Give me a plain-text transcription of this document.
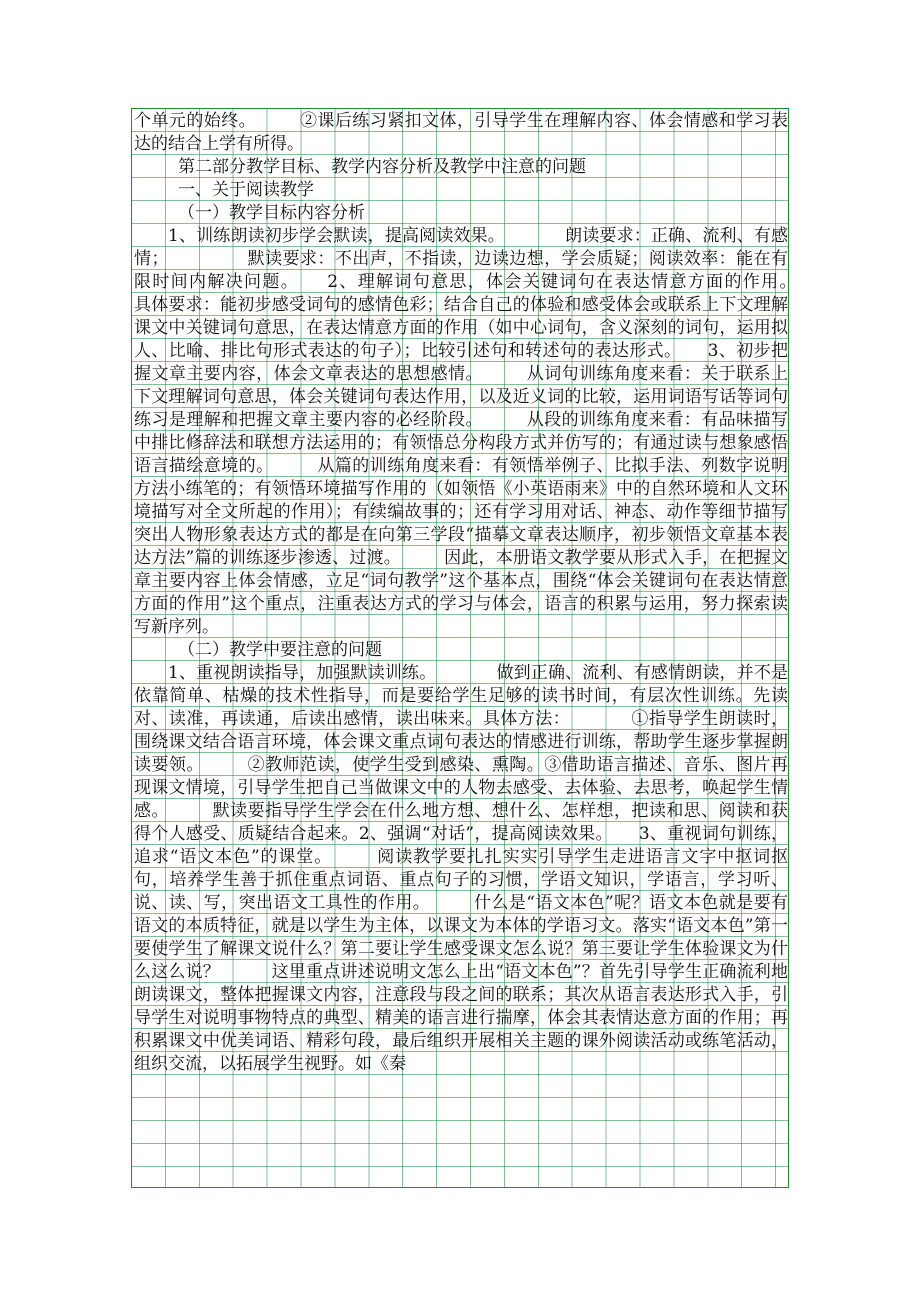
个单元的始终。　　　②课后练习紧扣文体，引导学生在理解内容、体会情感和学习表达的结合上学有所得。

第二部分教学目标、教学内容分析及教学中注意的问题

一、关于阅读教学

（一）教学目标内容分析

1、训练朗读初步学会默读，提高阅读效果。　　　　朗读要求：正确、流利、有感情；　　　　　默读要求：不出声，不指读，边读边想，学会质疑；阅读效率：能在有限时间内解决问题。　　2、理解词句意思，体会关键词句在表达情意方面的作用。　　　具体要求：能初步感受词句的感情色彩；结合自己的体验和感受体会或联系上下文理解课文中关键词句意思，在表达情意方面的作用（如中心词句，含义深刻的词句，运用拟人、比喻、排比句形式表达的句子）；比较引述句和转述句的表达形式。　　3、初步把握文章主要内容，体会文章表达的思想感情。　　　从词句训练角度来看：关于联系上下文理解词句意思，体会关键词句表达作用，以及近义词的比较，运用词语写话等词句练习是理解和把握文章主要内容的必经阶段。　　　从段的训练角度来看：有品味描写中排比修辞法和联想方法运用的；有领悟总分构段方式并仿写的；有通过读与想象感悟语言描绘意境的。　　　从篇的训练角度来看：有领悟举例子、比拟手法、列数字说明方法小练笔的；有领悟环境描写作用的（如领悟《小英语雨来》中的自然环境和人文环境描写对全文所起的作用）；有续编故事的；还有学习用对话、神态、动作等细节描写突出人物形象表达方式的都是在向第三学段“描摹文章表达顺序，初步领悟文章基本表达方法”篇的训练逐步渗透、过渡。　　　因此，本册语文教学要从形式入手，在把握文章主要内容上体会情感，立足“词句教学”这个基本点，围绕“体会关键词句在表达情意方面的作用”这个重点，注重表达方式的学习与体会，语言的积累与运用，努力探索读写新序列。

（二）教学中要注意的问题

1、重视朗读指导，加强默读训练。　　　　做到正确、流利、有感情朗读，并不是依靠简单、枯燥的技术性指导，而是要给学生足够的读书时间，有层次性训练。先读对、读准，再读通，后读出感情，读出味来。具体方法：　　　　①指导学生朗读时，围绕课文结合语言环境，体会课文重点词句表达的情感进行训练，帮助学生逐步掌握朗读要领。　　　②教师范读，使学生受到感染、熏陶。③借助语言描述、音乐、图片再现课文情境，引导学生把自己当做课文中的人物去感受、去体验、去思考，唤起学生情感。　　　默读要指导学生学会在什么地方想、想什么、怎样想，把读和思、阅读和获得个人感受、质疑结合起来。2、强调“对话”，提高阅读效果。　　3、重视词句训练，追求“语文本色”的课堂。　　　阅读教学要扎扎实实引导学生走进语言文字中抠词抠句，培养学生善于抓住重点词语、重点句子的习惯，学语文知识，学语言，学习听、说、读、写，突出语文工具性的作用。　　　什么是“语文本色”呢？语文本色就是要有语文的本质特征，就是以学生为主体，以课文为本体的学语习文。落实“语文本色”第一要使学生了解课文说什么？第二要让学生感受课文怎么说？第三要让学生体验课文为什么这么说？　　　这里重点讲述说明文怎么上出“语文本色”？首先引导学生正确流利地朗读课文，整体把握课文内容，注意段与段之间的联系；其次从语言表达形式入手，引导学生对说明事物特点的典型、精美的语言进行揣摩，体会其表情达意方面的作用；再积累课文中优美词语、精彩句段，最后组织开展相关主题的课外阅读活动或练笔活动，组织交流，以拓展学生视野。如《秦
